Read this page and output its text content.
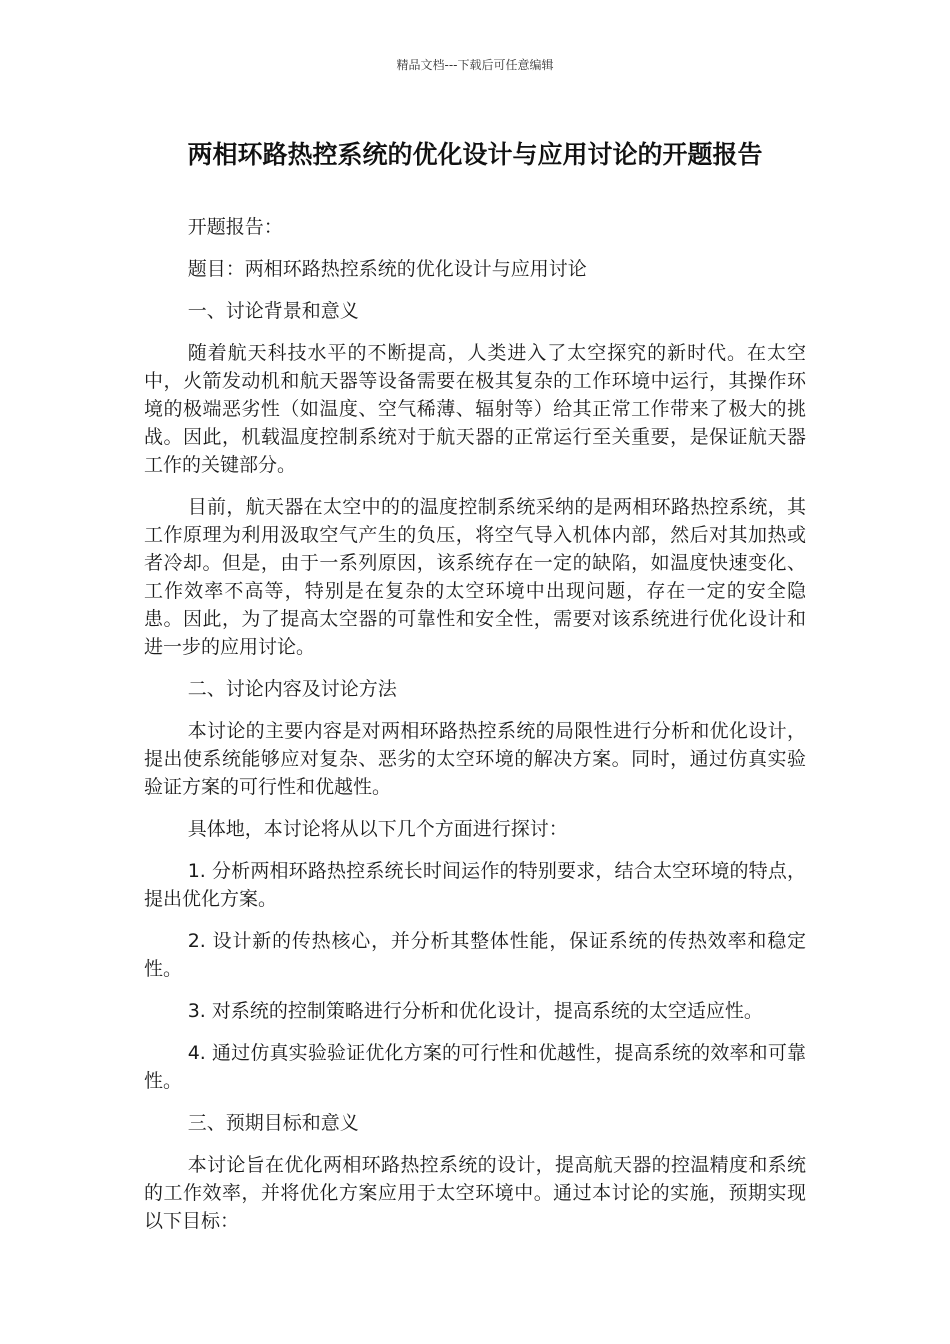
精品文档---下载后可任意编辑
两相环路热控系统的优化设计与应用讨论的开题报告

开题报告：

题目：两相环路热控系统的优化设计与应用讨论

一、讨论背景和意义

随着航天科技水平的不断提高，人类进入了太空探究的新时代。在太空中，火箭发动机和航天器等设备需要在极其复杂的工作环境中运行，其操作环境的极端恶劣性（如温度、空气稀薄、辐射等）给其正常工作带来了极大的挑战。因此，机载温度控制系统对于航天器的正常运行至关重要，是保证航天器工作的关键部分。

目前，航天器在太空中的的温度控制系统采纳的是两相环路热控系统，其工作原理为利用汲取空气产生的负压，将空气导入机体内部，然后对其加热或者冷却。但是，由于一系列原因，该系统存在一定的缺陷，如温度快速变化、工作效率不高等，特别是在复杂的太空环境中出现问题，存在一定的安全隐患。因此，为了提高太空器的可靠性和安全性，需要对该系统进行优化设计和进一步的应用讨论。

二、讨论内容及讨论方法

本讨论的主要内容是对两相环路热控系统的局限性进行分析和优化设计，提出使系统能够应对复杂、恶劣的太空环境的解决方案。同时，通过仿真实验验证方案的可行性和优越性。

具体地，本讨论将从以下几个方面进行探讨：

1. 分析两相环路热控系统长时间运作的特别要求，结合太空环境的特点，提出优化方案。

2. 设计新的传热核心，并分析其整体性能，保证系统的传热效率和稳定性。

3. 对系统的控制策略进行分析和优化设计，提高系统的太空适应性。

4. 通过仿真实验验证优化方案的可行性和优越性，提高系统的效率和可靠性。

三、预期目标和意义

本讨论旨在优化两相环路热控系统的设计，提高航天器的控温精度和系统的工作效率，并将优化方案应用于太空环境中。通过本讨论的实施，预期实现以下目标：
